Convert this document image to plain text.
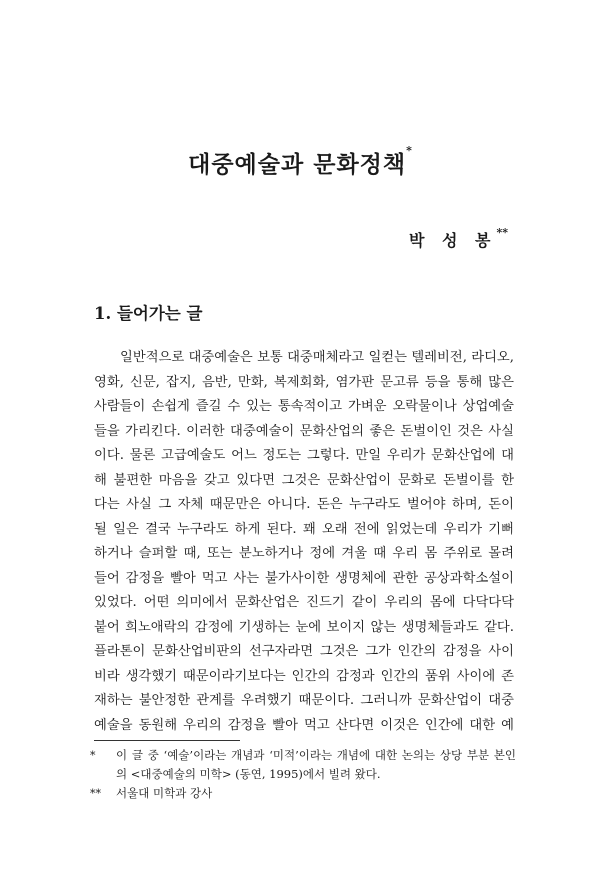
대중예술과 문화정책*

박 성 봉**

1. 들어가는 글
일반적으로 대중예술은 보통 대중매체라고 일컫는 텔레비전, 라디오,
영화, 신문, 잡지, 음반, 만화, 복제회화, 염가판 문고류 등을 통해 많은
사람들이 손쉽게 즐길 수 있는 통속적이고 가벼운 오락물이나 상업예술
들을 가리킨다. 이러한 대중예술이 문화산업의 좋은 돈벌이인 것은 사실
이다. 물론 고급예술도 어느 정도는 그렇다. 만일 우리가 문화산업에 대
해 불편한 마음을 갖고 있다면 그것은 문화산업이 문화로 돈벌이를 한
다는 사실 그 자체 때문만은 아니다. 돈은 누구라도 벌어야 하며, 돈이
될 일은 결국 누구라도 하게 된다. 꽤 오래 전에 읽었는데 우리가 기뻐
하거나 슬퍼할 때, 또는 분노하거나 정에 겨울 때 우리 몸 주위로 몰려
들어 감정을 빨아 먹고 사는 불가사이한 생명체에 관한 공상과학소설이
있었다. 어떤 의미에서 문화산업은 진드기 같이 우리의 몸에 다닥다닥
붙어 희노애락의 감정에 기생하는 눈에 보이지 않는 생명체들과도 같다.
플라톤이 문화산업비판의 선구자라면 그것은 그가 인간의 감정을 사이
비라 생각했기 때문이라기보다는 인간의 감정과 인간의 품위 사이에 존
재하는 불안정한 관계를 우려했기 때문이다. 그러니까 문화산업이 대중
예술을 동원해 우리의 감정을 빨아 먹고 산다면 이것은 인간에 대한 예
* 이 글 중 ‘예술’이라는 개념과 ‘미적’이라는 개념에 대한 논의는 상당 부분 본인
의 <대중예술의 미학> (동연, 1995)에서 빌려 왔다.
** 서울대 미학과 강사
